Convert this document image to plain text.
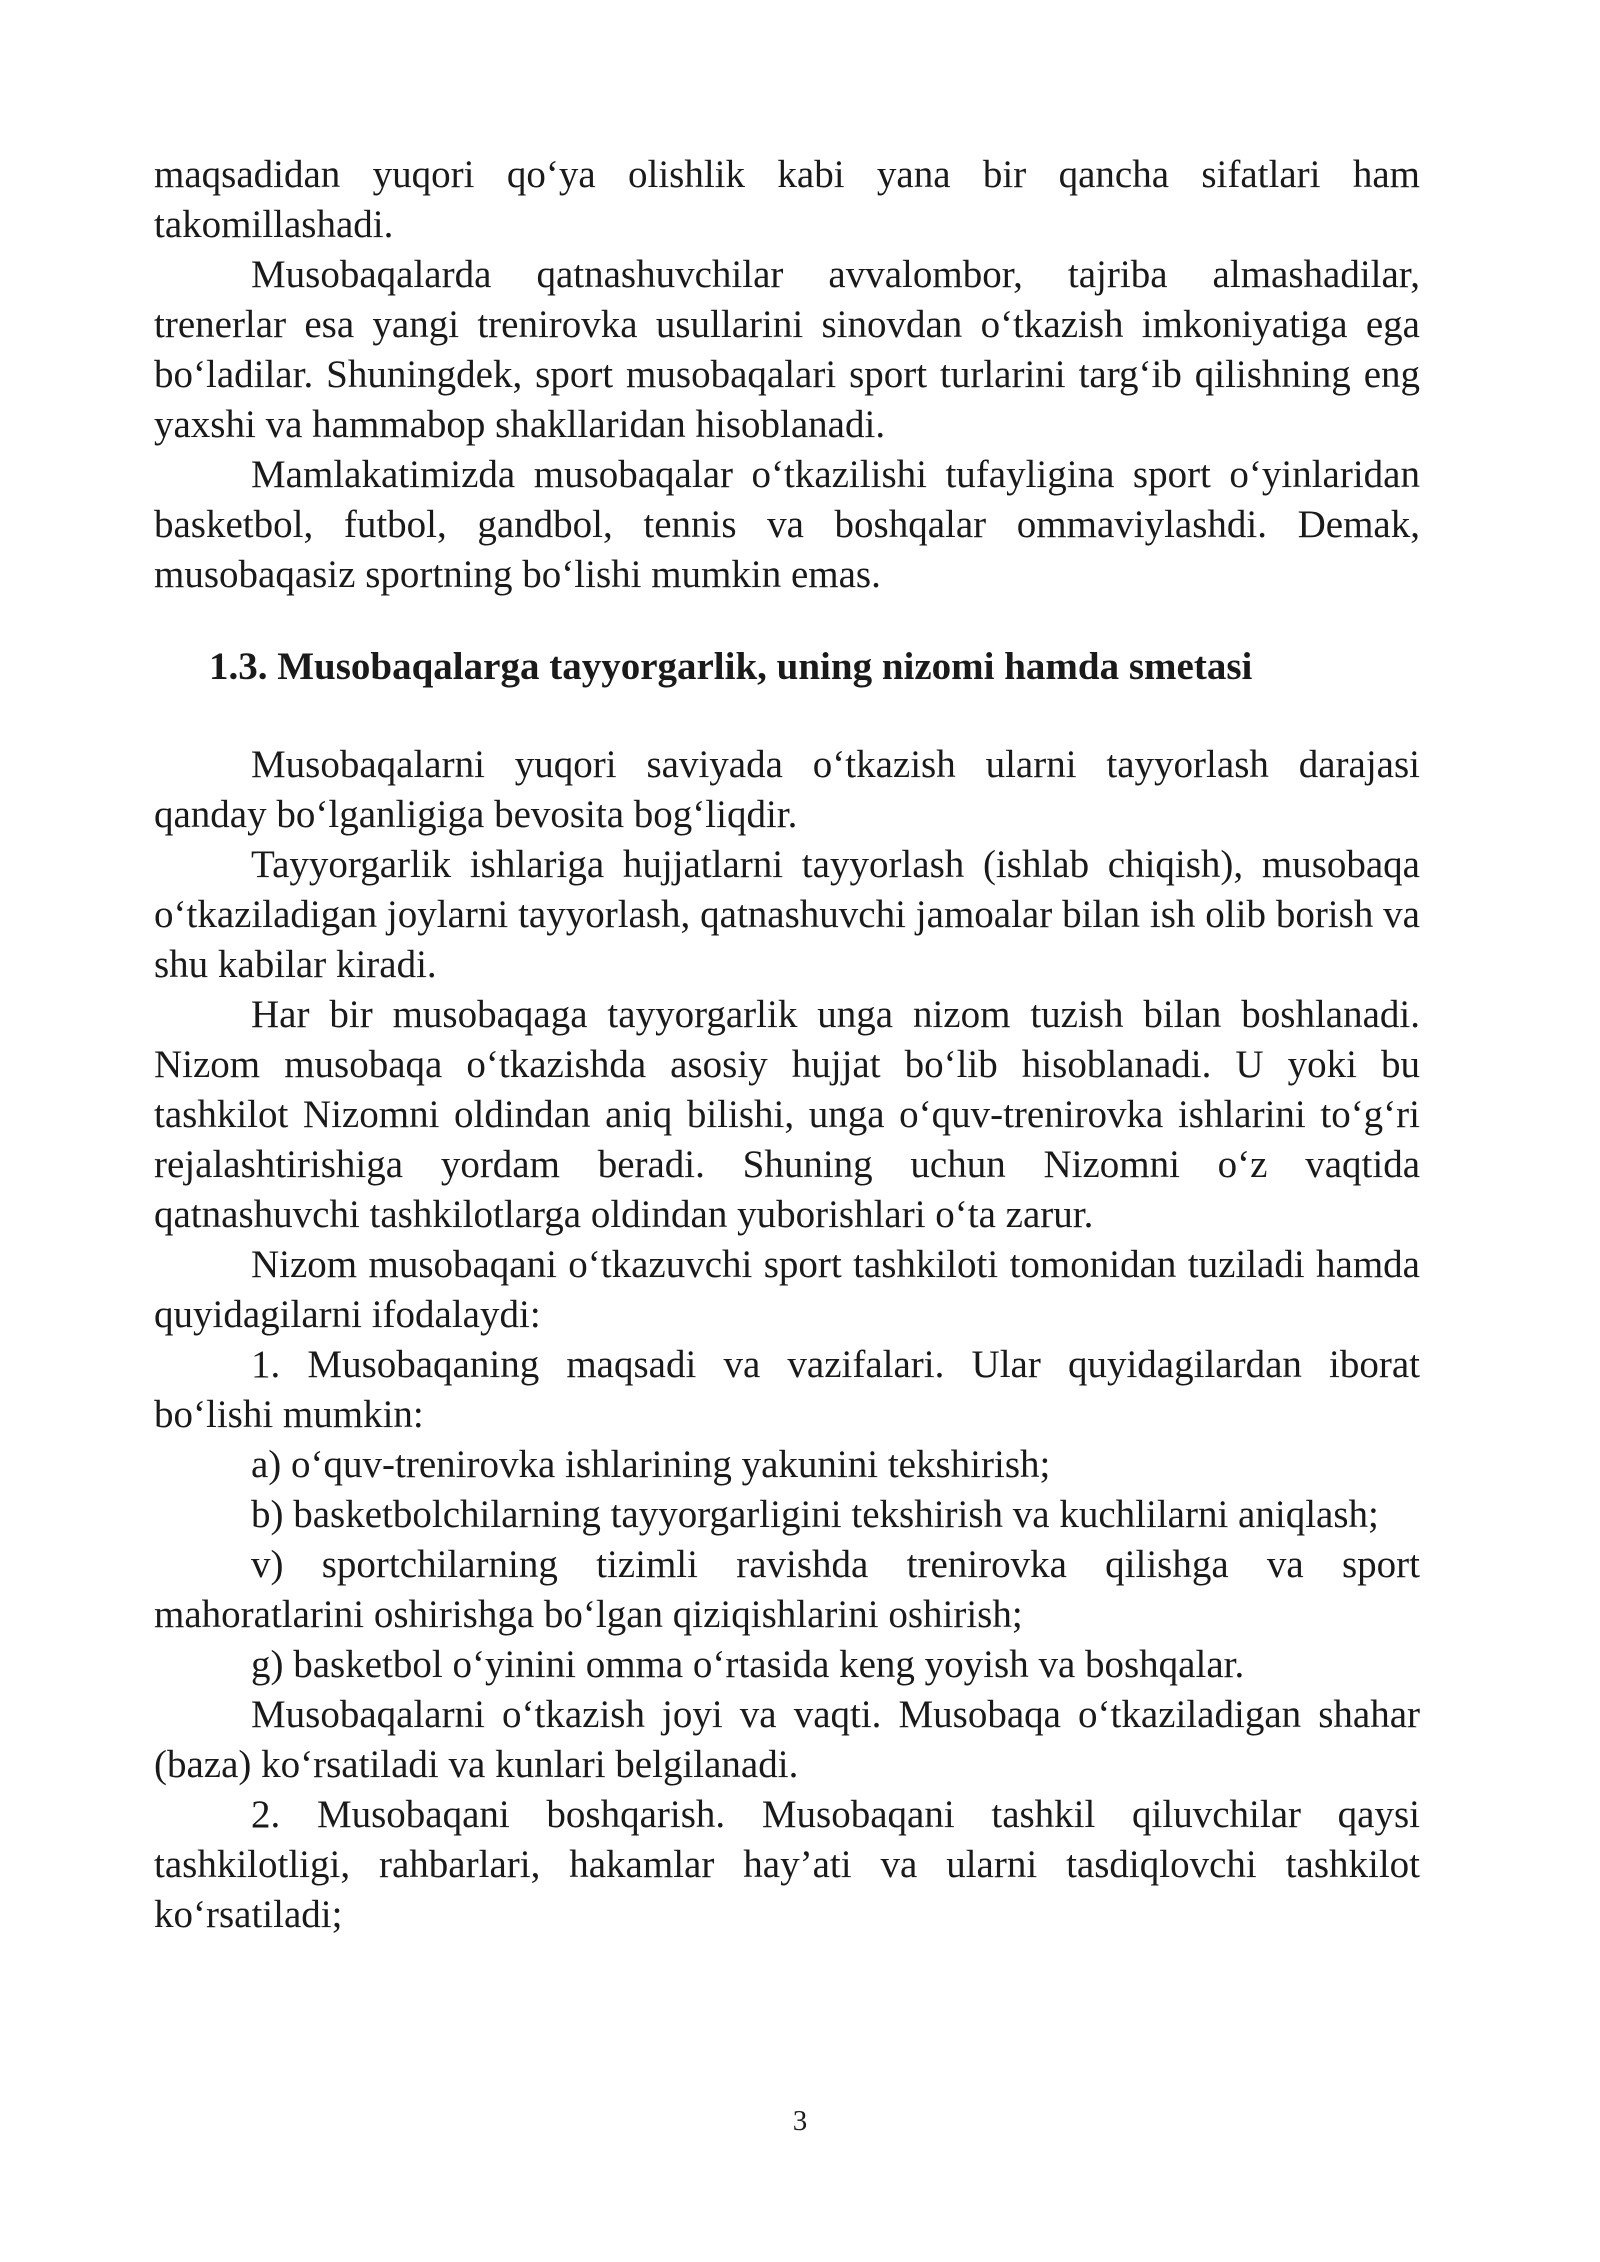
maqsadidan yuqori qo‘ya olishlik kabi yana bir qancha sifatlari ham takomillashadi.

Musobaqalarda qatnashuvchilar avvalombor, tajriba almashadilar, trenerlar esa yangi trenirovka usullarini sinovdan o‘tkazish imkoniyatiga ega bo‘ladilar. Shuningdek, sport musobaqalari sport turlarini targ‘ib qilishning eng yaxshi va hammabop shakllaridan hisoblanadi.

Mamlakatimizda musobaqalar o‘tkazilishi tufayligina sport o‘yinlaridan basketbol, futbol, gandbol, tennis va boshqalar ommaviylashdi. Demak, musobaqasiz sportning bo‘lishi mumkin emas.

1.3. Musobaqalarga tayyorgarlik, uning nizomi hamda smetasi

Musobaqalarni yuqori saviyada o‘tkazish ularni tayyorlash darajasi qanday bo‘lganligiga bevosita bog‘liqdir.

Tayyorgarlik ishlariga hujjatlarni tayyorlash (ishlab chiqish), musobaqa o‘tkaziladigan joylarni tayyorlash, qatnashuvchi jamoalar bilan ish olib borish va shu kabilar kiradi.

Har bir musobaqaga tayyorgarlik unga nizom tuzish bilan boshlanadi. Nizom musobaqa o‘tkazishda asosiy hujjat bo‘lib hisoblanadi. U yoki bu tashkilot Nizomni oldindan aniq bilishi, unga o‘quv-trenirovka ishlarini to‘g‘ri rejalashtirishiga yordam beradi. Shuning uchun Nizomni o‘z vaqtida qatnashuvchi tashkilotlarga oldindan yuborishlari o‘ta zarur.

Nizom musobaqani o‘tkazuvchi sport tashkiloti tomonidan tuziladi hamda quyidagilarni ifodalaydi:

1. Musobaqaning maqsadi va vazifalari. Ular quyidagilardan iborat bo‘lishi mumkin:

a) o‘quv-trenirovka ishlarining yakunini tekshirish;

b) basketbolchilarning tayyorgarligini tekshirish va kuchlilarni aniqlash;

v) sportchilarning tizimli ravishda trenirovka qilishga va sport mahoratlarini oshirishga bo‘lgan qiziqishlarini oshirish;

g) basketbol o‘yinini omma o‘rtasida keng yoyish va boshqalar.

Musobaqalarni o‘tkazish joyi va vaqti. Musobaqa o‘tkaziladigan shahar (baza) ko‘rsatiladi va kunlari belgilanadi.

2. Musobaqani boshqarish. Musobaqani tashkil qiluvchilar qaysi tashkilotligi, rahbarlari, hakamlar hay’ati va ularni tasdiqlovchi tashkilot ko‘rsatiladi;

3
